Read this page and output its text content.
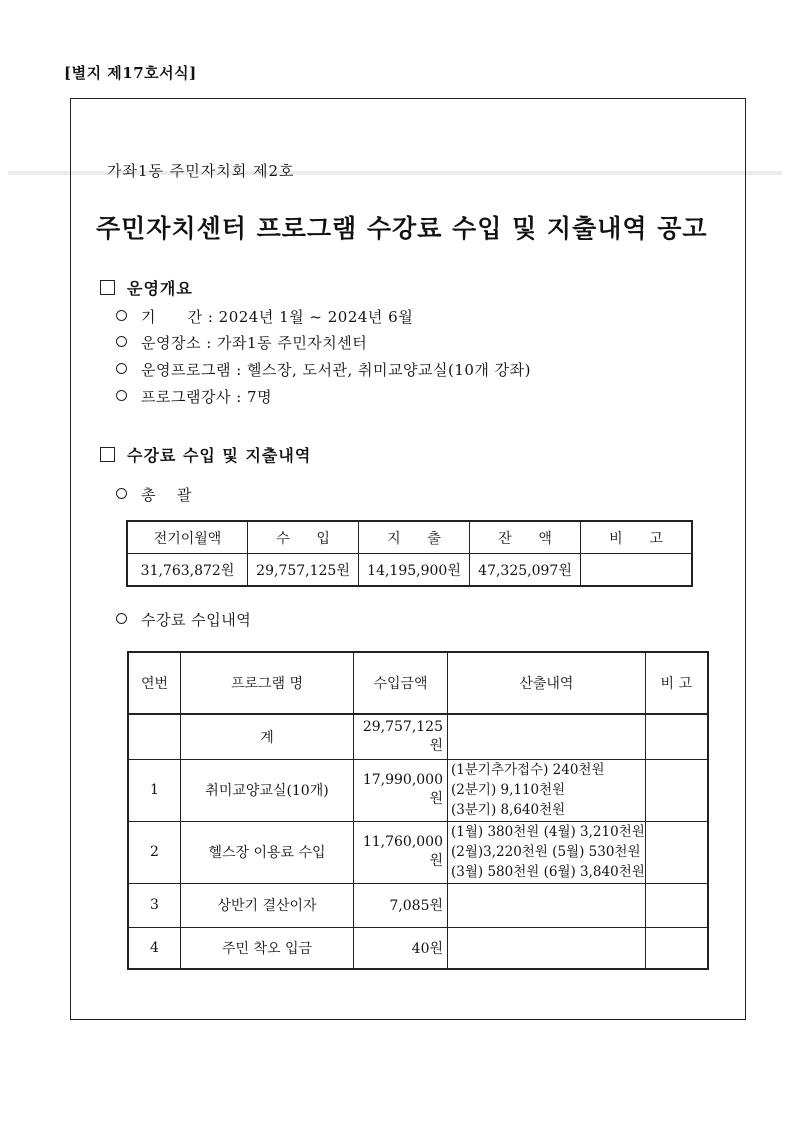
[별지 제17호서식]
가좌1동 주민자치회 제2호
주민자치센터 프로그램 수강료 수입 및 지출내역 공고
운영개요
기      간 : 2024년 1월 ~ 2024년 6월
운영장소 : 가좌1동 주민자치센터
운영프로그램 : 헬스장, 도서관, 취미교양교실(10개 강좌)
프로그램강사 : 7명
수강료 수입 및 지출내역
총    괄
전기이월액	수      입	지      출	잔      액	비      고
31,763,872원	29,757,125원	14,195,900원	47,325,097원	
수강료 수입내역
연번	프로그램 명	수입금액	산출내역	비 고
	계	29,757,125원		
1	취미교양교실(10개)	17,990,000원	(1분기추가접수) 240천원
(2분기) 9,110천원
(3분기) 8,640천원	

2	헬스장 이용료 수입	11,760,000원	(1월) 380천원 (4월) 3,210천원
(2월)3,220천원 (5월) 530천원
(3월) 580천원 (6월) 3,840천원	

3	상반기 결산이자	7,085원		
4	주민 착오 입금	40원		
